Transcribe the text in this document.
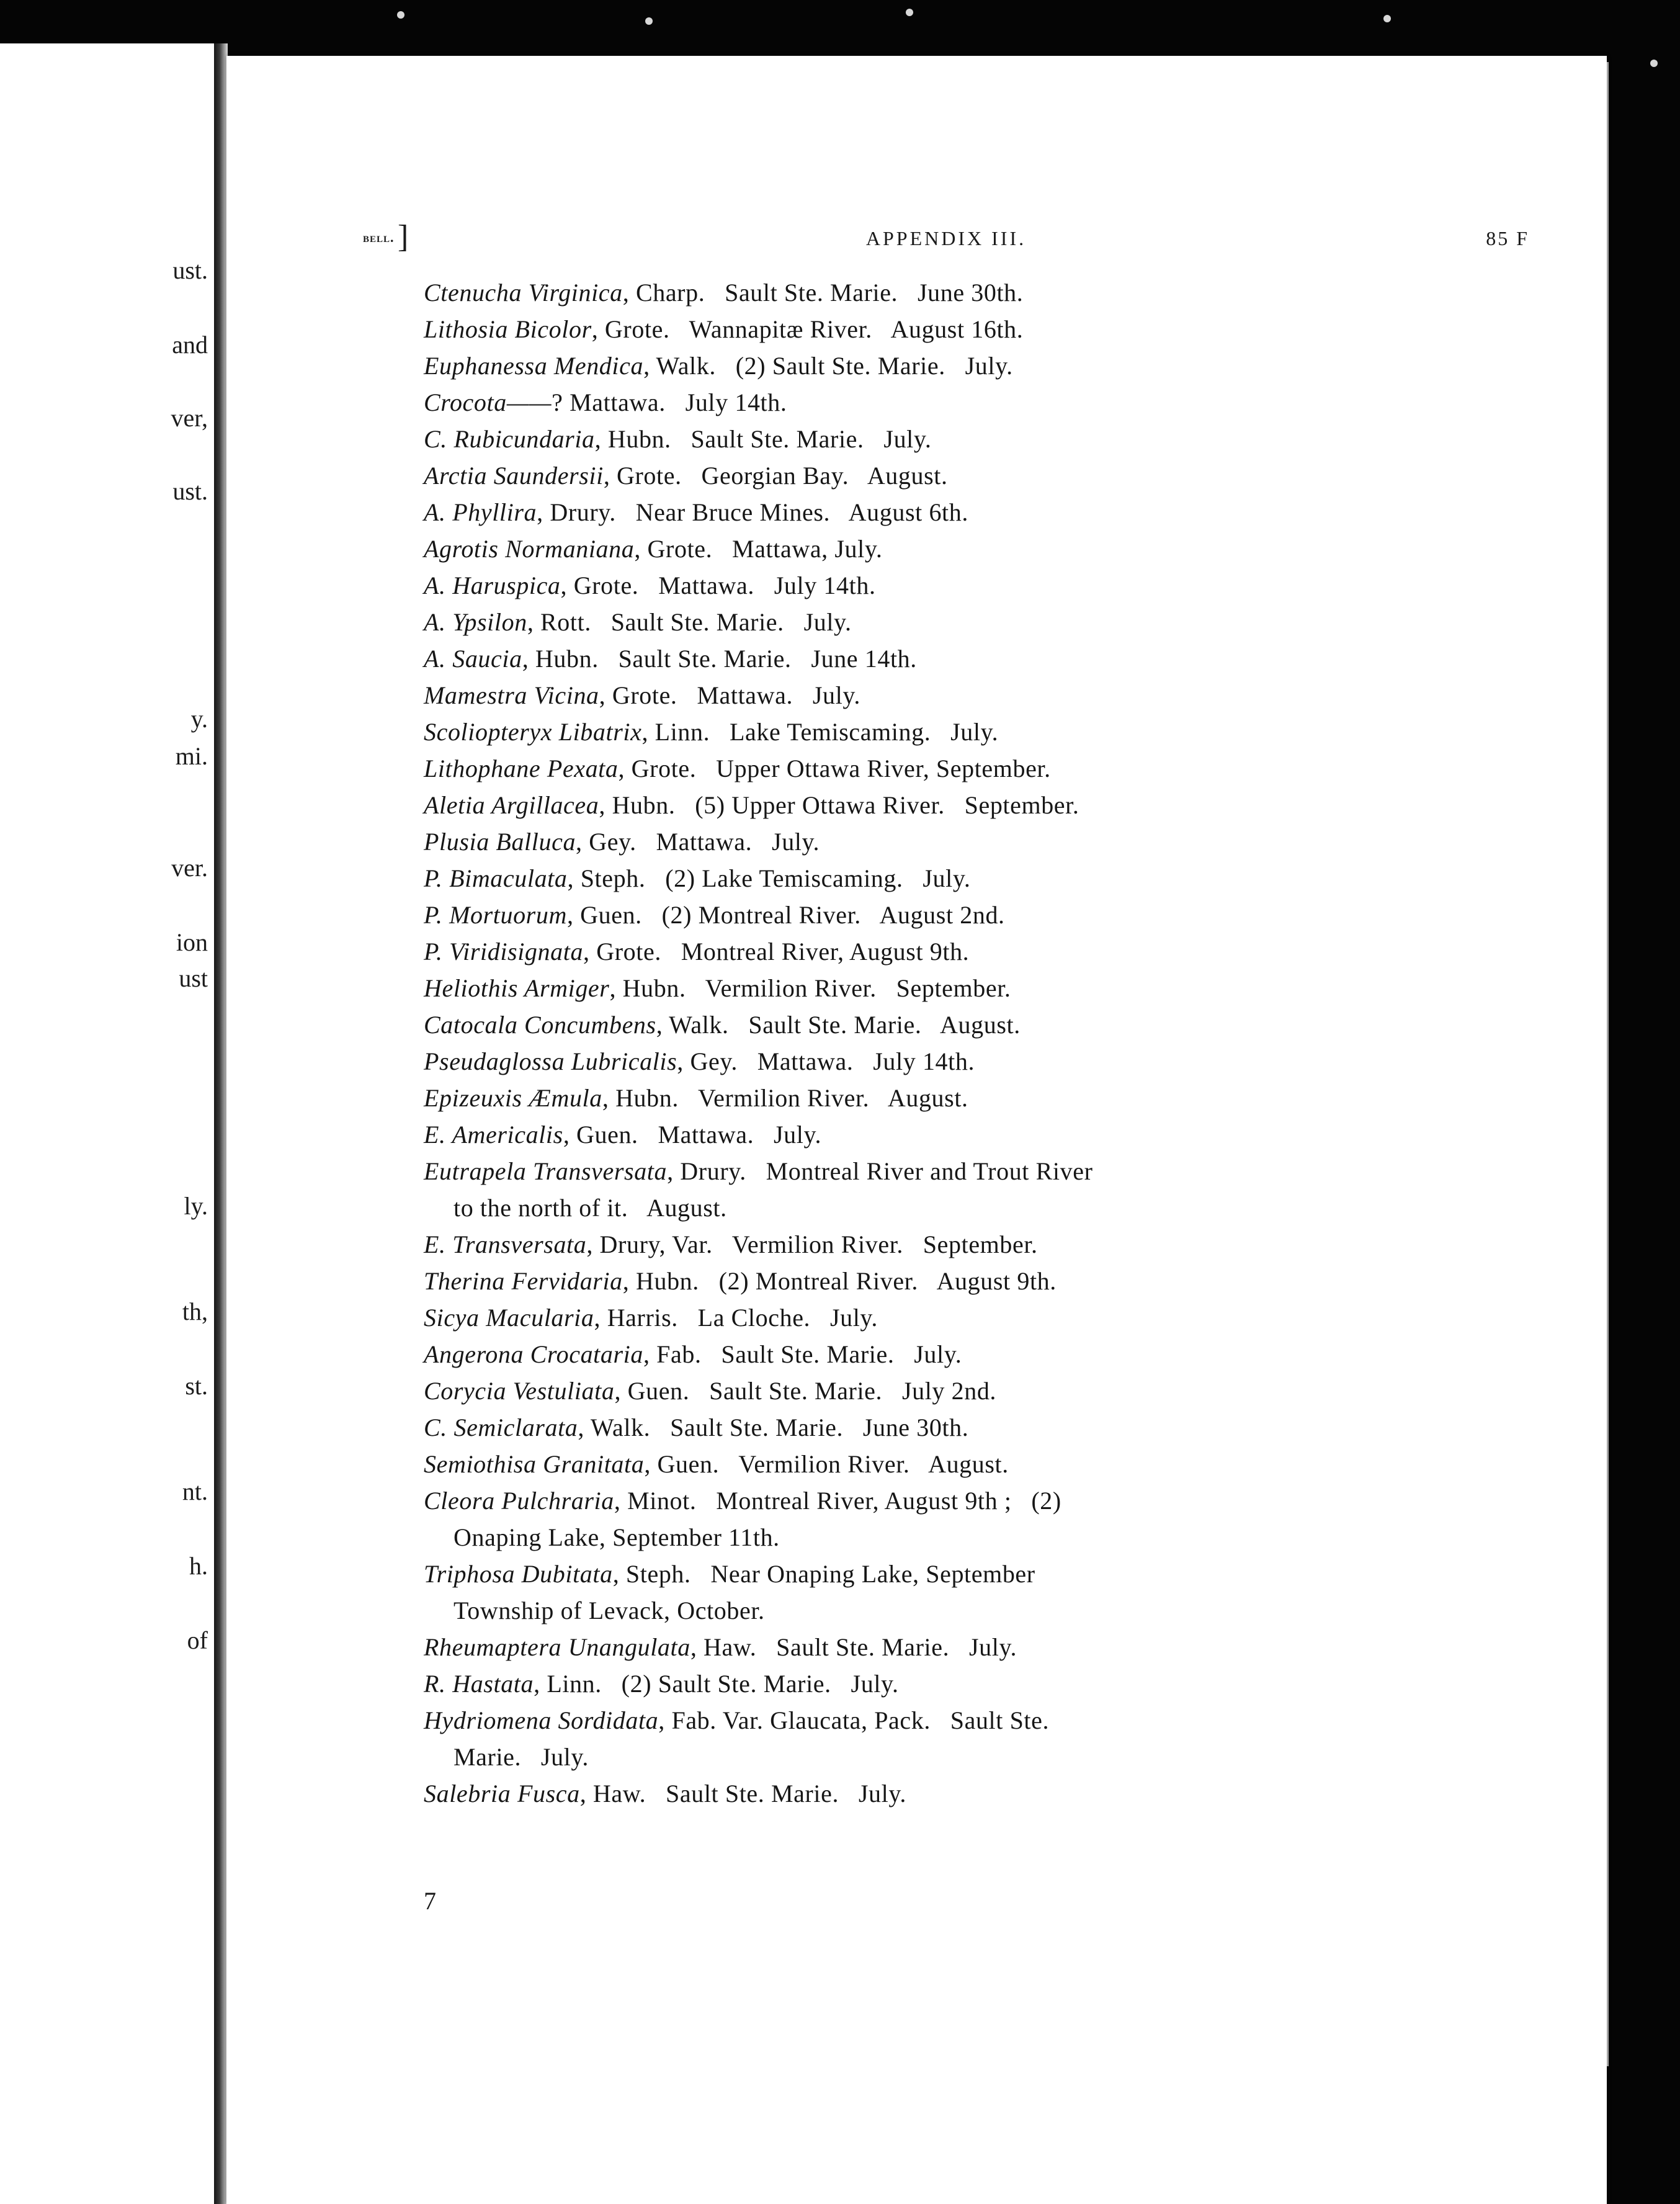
ust.

and

ver,

ust.

y.

mi.

ver.

ion

ust

ly.

th,

st.

nt.

h.

of

bell. ]	APPENDIX III.	85 F

Ctenucha Virginica, Charp.   Sault Ste. Marie.   June 30th.

Lithosia Bicolor, Grote.   Wannapitæ River.   August 16th.

Euphanessa Mendica, Walk.   (2) Sault Ste. Marie.   July.

Crocota——? Mattawa.   July 14th.

C. Rubicundaria, Hubn.   Sault Ste. Marie.   July.

Arctia Saundersii, Grote.   Georgian Bay.   August.

A. Phyllira, Drury.   Near Bruce Mines.   August 6th.

Agrotis Normaniana, Grote.   Mattawa, July.

A. Haruspica, Grote.   Mattawa.   July 14th.

A. Ypsilon, Rott.   Sault Ste. Marie.   July.

A. Saucia, Hubn.   Sault Ste. Marie.   June 14th.

Mamestra Vicina, Grote.   Mattawa.   July.

Scoliopteryx Libatrix, Linn.   Lake Temiscaming.   July.

Lithophane Pexata, Grote.   Upper Ottawa River, September.

Aletia Argillacea, Hubn.   (5) Upper Ottawa River.   September.

Plusia Balluca, Gey.   Mattawa.   July.

P. Bimaculata, Steph.   (2) Lake Temiscaming.   July.

P. Mortuorum, Guen.   (2) Montreal River.   August 2nd.

P. Viridisignata, Grote.   Montreal River, August 9th.

Heliothis Armiger, Hubn.   Vermilion River.   September.

Catocala Concumbens, Walk.   Sault Ste. Marie.   August.

Pseudaglossa Lubricalis, Gey.   Mattawa.   July 14th.

Epizeuxis Æmula, Hubn.   Vermilion River.   August.

E. Americalis, Guen.   Mattawa.   July.

Eutrapela Transversata, Drury.   Montreal River and Trout River

to the north of it.   August.

E. Transversata, Drury, Var.   Vermilion River.   September.

Therina Fervidaria, Hubn.   (2) Montreal River.   August 9th.

Sicya Macularia, Harris.   La Cloche.   July.

Angerona Crocataria, Fab.   Sault Ste. Marie.   July.

Corycia Vestuliata, Guen.   Sault Ste. Marie.   July 2nd.

C. Semiclarata, Walk.   Sault Ste. Marie.   June 30th.

Semiothisa Granitata, Guen.   Vermilion River.   August.

Cleora Pulchraria, Minot.   Montreal River, August 9th ;   (2)

Onaping Lake, September 11th.

Triphosa Dubitata, Steph.   Near Onaping Lake, September

Township of Levack, October.

Rheumaptera Unangulata, Haw.   Sault Ste. Marie.   July.

R. Hastata, Linn.   (2) Sault Ste. Marie.   July.

Hydriomena Sordidata, Fab. Var. Glaucata, Pack.   Sault Ste.

Marie.   July.

Salebria Fusca, Haw.   Sault Ste. Marie.   July.

7
